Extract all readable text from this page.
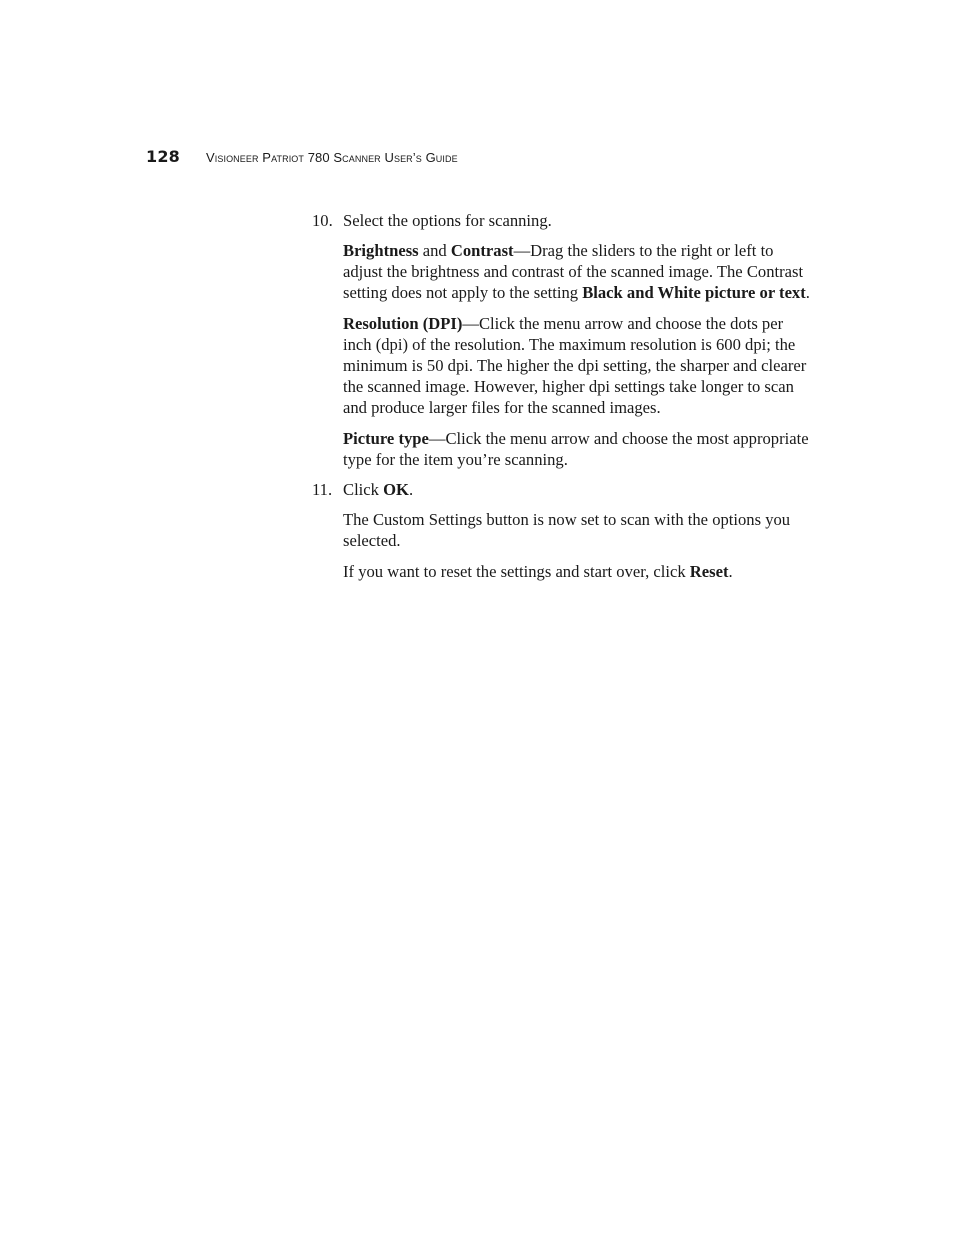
128 Visioneer Patriot 780 Scanner User’s Guide
10. Select the options for scanning.

Brightness and Contrast—Drag the sliders to the right or left to adjust the brightness and contrast of the scanned image. The Contrast setting does not apply to the setting Black and White picture or text.

Resolution (DPI)—Click the menu arrow and choose the dots per inch (dpi) of the resolution. The maximum resolution is 600 dpi; the minimum is 50 dpi. The higher the dpi setting, the sharper and clearer the scanned image. However, higher dpi settings take longer to scan and produce larger files for the scanned images.

Picture type—Click the menu arrow and choose the most appropriate type for the item you’re scanning.

11. Click OK.

The Custom Settings button is now set to scan with the options you selected.

If you want to reset the settings and start over, click Reset.
